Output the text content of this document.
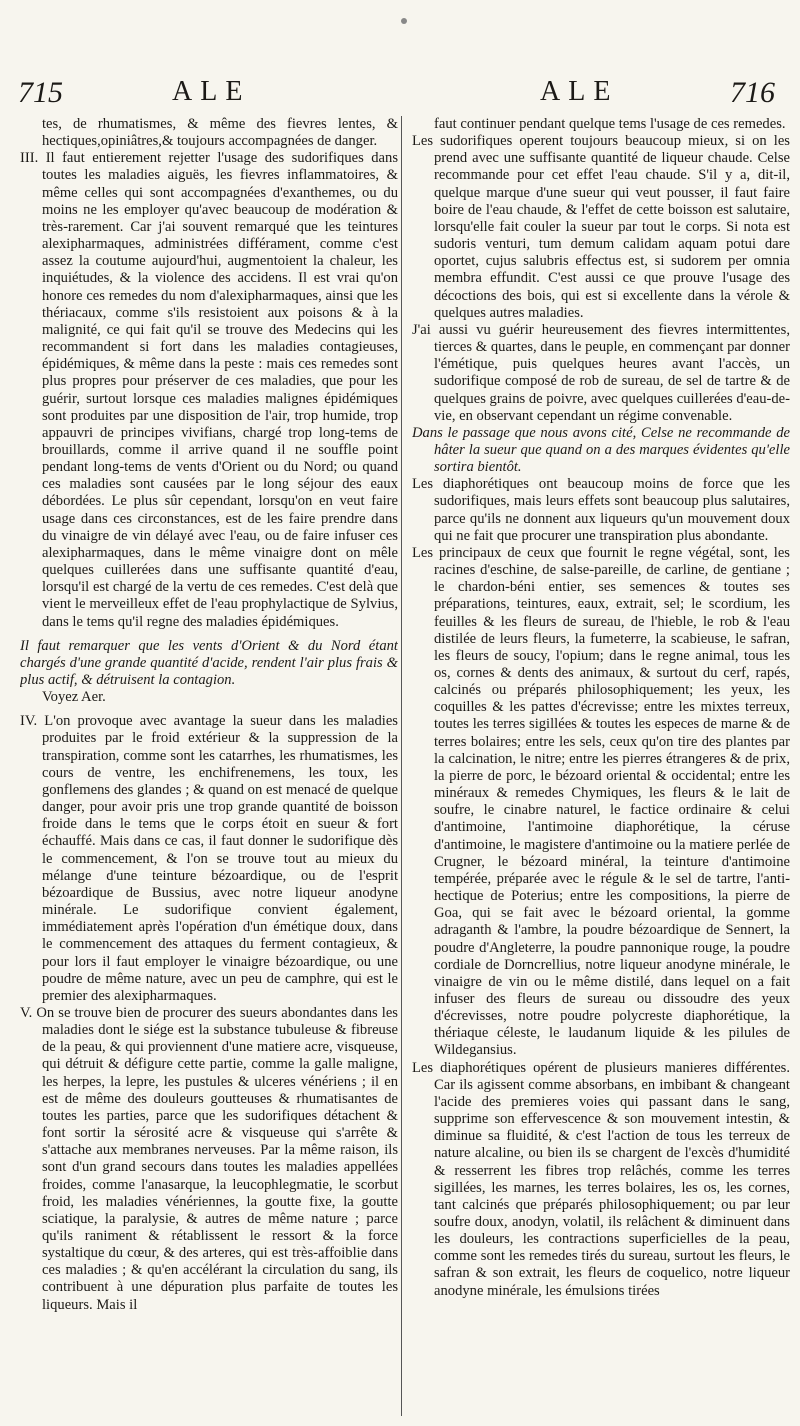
715	ALE	ALE	716

tes, de rhumatismes, & même des fievres lentes, & hectiques,opiniâtres,& toujours accompagnées de danger.

III. Il faut entierement rejetter l'usage des sudorifiques dans toutes les maladies aiguës, les fievres inflammatoires, & même celles qui sont accompagnées d'exanthemes, ou du moins ne les employer qu'avec beaucoup de modération & très-rarement. Car j'ai souvent remarqué que les teintures alexipharmaques, administrées différament, comme c'est assez la coutume aujourd'hui, augmentoient la chaleur, les inquiétudes, & la violence des accidens. Il est vrai qu'on honore ces remedes du nom d'alexipharmaques, ainsi que les thériacaux, comme s'ils resistoient aux poisons & à la malignité, ce qui fait qu'il se trouve des Medecins qui les recommandent si fort dans les maladies contagieuses, épidémiques, & même dans la peste : mais ces remedes sont plus propres pour préserver de ces maladies, que pour les guérir, surtout lorsque ces maladies malignes épidémiques sont produites par une disposition de l'air, trop humide, trop appauvri de principes vivifians, chargé trop long-tems de brouillards, comme il arrive quand il ne souffle point pendant long-tems de vents d'Orient ou du Nord; ou quand ces maladies sont causées par le long séjour des eaux débordées. Le plus sûr cependant, lorsqu'on en veut faire usage dans ces circonstances, est de les faire prendre dans du vinaigre de vin délayé avec l'eau, ou de faire infuser ces alexipharmaques, dans le même vinaigre dont on mêle quelques cuillerées dans une suffisante quantité d'eau, lorsqu'il est chargé de la vertu de ces remedes. C'est delà que vient le merveilleux effet de l'eau prophylactique de Sylvius, dans le tems qu'il regne des maladies épidémiques.

Il faut remarquer que les vents d'Orient & du Nord étant chargés d'une grande quantité d'acide, rendent l'air plus frais & plus actif, & détruisent la contagion.

Voyez Aer.

IV. L'on provoque avec avantage la sueur dans les maladies produites par le froid extérieur & la suppression de la transpiration, comme sont les catarrhes, les rhumatismes, les cours de ventre, les enchifrenemens, les toux, les gonflemens des glandes ; & quand on est menacé de quelque danger, pour avoir pris une trop grande quantité de boisson froide dans le tems que le corps étoit en sueur & fort échauffé. Mais dans ce cas, il faut donner le sudorifique dès le commencement, & l'on se trouve tout au mieux du mélange d'une teinture bézoardique, ou de l'esprit bézoardique de Bussius, avec notre liqueur anodyne minérale. Le sudorifique convient également, immédiatement après l'opération d'un émétique doux, dans le commencement des attaques du ferment contagieux, & pour lors il faut employer le vinaigre bézoardique, ou une poudre de même nature, avec un peu de camphre, qui est le premier des alexipharmaques.

V. On se trouve bien de procurer des sueurs abondantes dans les maladies dont le siége est la substance tubuleuse & fibreuse de la peau, & qui proviennent d'une matiere acre, visqueuse, qui détruit & défigure cette partie, comme la galle maligne, les herpes, la lepre, les pustules & ulceres vénériens ; il en est de même des douleurs goutteuses & rhumatisantes de toutes les parties, parce que les sudorifiques détachent & font sortir la sérosité acre & visqueuse qui s'arrête & s'attache aux membranes nerveuses. Par la même raison, ils sont d'un grand secours dans toutes les maladies appellées froides, comme l'anasarque, la leucophlegmatie, le scorbut froid, les maladies vénériennes, la goutte fixe, la goutte sciatique, la paralysie, & autres de même nature ; parce qu'ils raniment & rétablissent le ressort & la force systaltique du cœur, & des arteres, qui est très-affoiblie dans ces maladies ; & qu'en accélérant la circulation du sang, ils contribuent à une dépuration plus parfaite de toutes les liqueurs. Mais il

faut continuer pendant quelque tems l'usage de ces remedes.

Les sudorifiques operent toujours beaucoup mieux, si on les prend avec une suffisante quantité de liqueur chaude. Celse recommande pour cet effet l'eau chaude. S'il y a, dit-il, quelque marque d'une sueur qui veut pousser, il faut faire boire de l'eau chaude, & l'effet de cette boisson est salutaire, lorsqu'elle fait couler la sueur par tout le corps. Si nota est sudoris venturi, tum demum calidam aquam potui dare oportet, cujus salubris effectus est, si sudorem per omnia membra effundit. C'est aussi ce que prouve l'usage des décoctions des bois, qui est si excellente dans la vérole & quelques autres maladies.

J'ai aussi vu guérir heureusement des fievres intermittentes, tierces & quartes, dans le peuple, en commençant par donner l'émétique, puis quelques heures avant l'accès, un sudorifique composé de rob de sureau, de sel de tartre & de quelques grains de poivre, avec quelques cuillerées d'eau-de-vie, en observant cependant un régime convenable.

Dans le passage que nous avons cité, Celse ne recommande de hâter la sueur que quand on a des marques évidentes qu'elle sortira bientôt.

Les diaphorétiques ont beaucoup moins de force que les sudorifiques, mais leurs effets sont beaucoup plus salutaires, parce qu'ils ne donnent aux liqueurs qu'un mouvement doux qui ne fait que procurer une transpiration plus abondante.

Les principaux de ceux que fournit le regne végétal, sont, les racines d'eschine, de salse-pareille, de carline, de gentiane ; le chardon-béni entier, ses semences & toutes ses préparations, teintures, eaux, extrait, sel; le scordium, les feuilles & les fleurs de sureau, de l'hieble, le rob & l'eau distilée de leurs fleurs, la fumeterre, la scabieuse, le safran, les fleurs de soucy, l'opium; dans le regne animal, tous les os, cornes & dents des animaux, & surtout du cerf, rapés, calcinés ou préparés philosophiquement; les yeux, les coquilles & les pattes d'écrevisse; entre les mixtes terreux, toutes les terres sigillées & toutes les especes de marne & de terres bolaires; entre les sels, ceux qu'on tire des plantes par la calcination, le nitre; entre les pierres étrangeres & de prix, la pierre de porc, le bézoard oriental & occidental; entre les minéraux & remedes Chymiques, les fleurs & le lait de soufre, le cinabre naturel, le factice ordinaire & celui d'antimoine, l'antimoine diaphorétique, la céruse d'antimoine, le magistere d'antimoine ou la matiere perlée de Crugner, le bézoard minéral, la teinture d'antimoine tempérée, préparée avec le régule & le sel de tartre, l'anti-hectique de Poterius; entre les compositions, la pierre de Goa, qui se fait avec le bézoard oriental, la gomme adraganth & l'ambre, la poudre bézoardique de Sennert, la poudre d'Angleterre, la poudre pannonique rouge, la poudre cordiale de Dorncrellius, notre liqueur anodyne minérale, le vinaigre de vin ou le même distilé, dans lequel on a fait infuser des fleurs de sureau ou dissoudre des yeux d'écrevisses, notre poudre polycreste diaphorétique, la thériaque céleste, le laudanum liquide & les pilules de Wildegansius.

Les diaphorétiques opérent de plusieurs manieres différentes. Car ils agissent comme absorbans, en imbibant & changeant l'acide des premieres voies qui passant dans le sang, supprime son effervescence & son mouvement intestin, & diminue sa fluidité, & c'est l'action de tous les terreux de nature alcaline, ou bien ils se chargent de l'excès d'humidité & resserrent les fibres trop relâchés, comme les terres sigillées, les marnes, les terres bolaires, les os, les cornes, tant calcinés que préparés philosophiquement; ou par leur soufre doux, anodyn, volatil, ils relâchent & diminuent dans les douleurs, les contractions superficielles de la peau, comme sont les remedes tirés du sureau, surtout les fleurs, le safran & son extrait, les fleurs de coquelico, notre liqueur anodyne minérale, les émulsions tirées
